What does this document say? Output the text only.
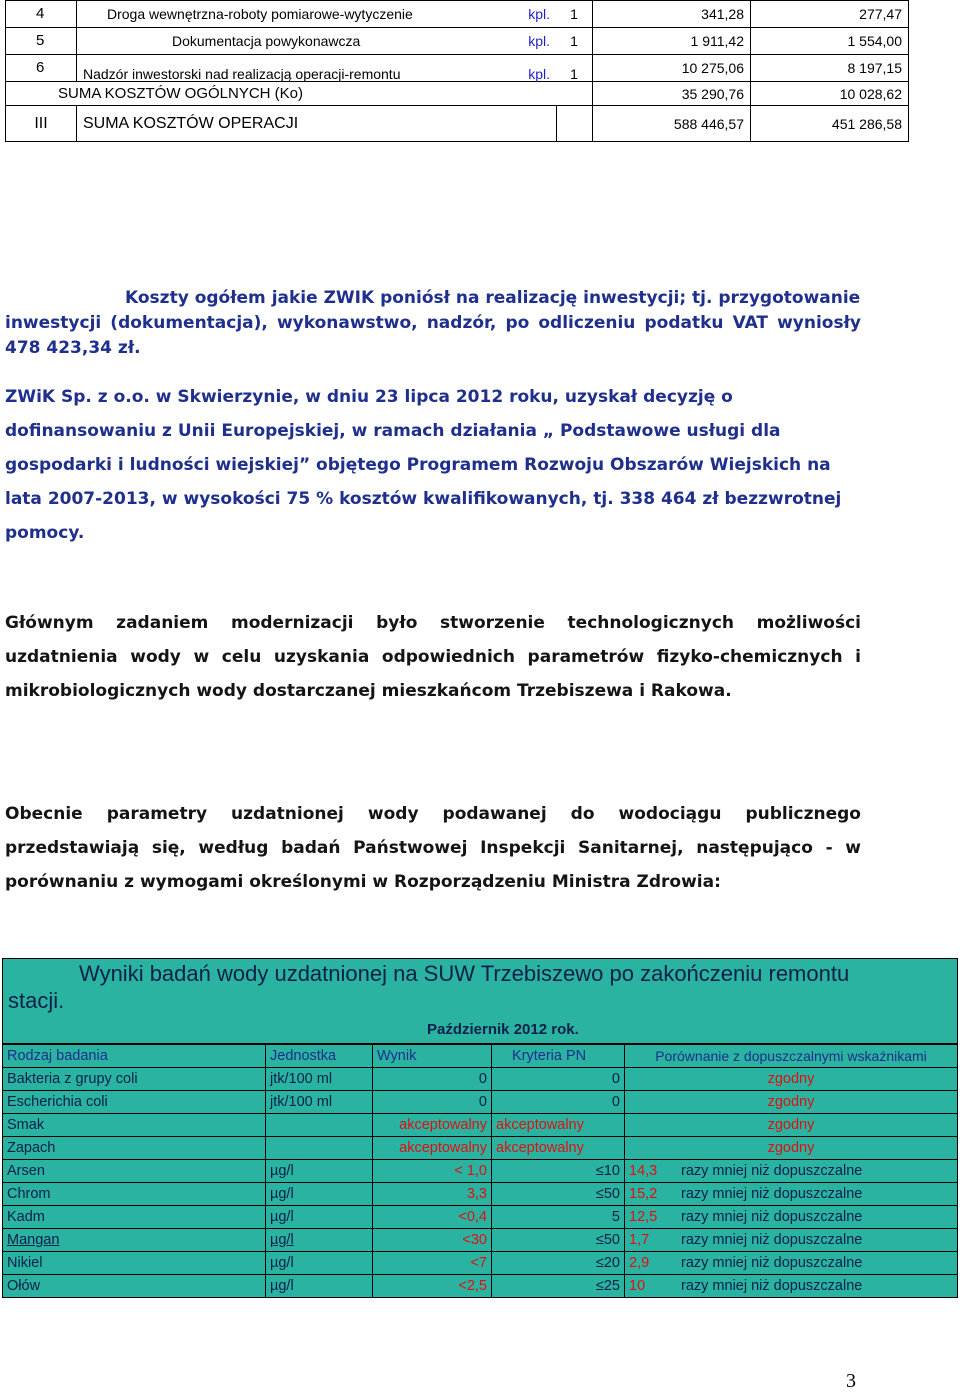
4	Droga wewnętrzna-roboty pomiarowe-wytyczenie	kpl.	1	341,28	277,47
5	Dokumentacja powykonawcza	kpl.	1	1 911,42	1 554,00
6	Nadzór inwestorski nad realizacją operacji-remontu	kpl.	1	10 275,06	8 197,15
SUMA KOSZTÓW OGÓLNYCH (Ko)				35 290,76	10 028,62
III	SUMA KOSZTÓW OPERACJI			588 446,57	451 286,58
Koszty ogółem jakie ZWIK poniósł na realizację inwestycji; tj. przygotowanie
inwestycji (dokumentacja), wykonawstwo, nadzór, po odliczeniu podatku VAT wyniosły
478 423,34 zł.
ZWiK Sp. z o.o. w Skwierzynie, w dniu 23 lipca 2012 roku, uzyskał decyzję o
dofinansowaniu z Unii Europejskiej, w ramach działania „ Podstawowe usługi dla
gospodarki i ludności wiejskiej” objętego Programem Rozwoju Obszarów Wiejskich na
lata 2007-2013, w wysokości 75 % kosztów kwalifikowanych, tj. 338 464 zł bezzwrotnej
pomocy.
Głównym zadaniem modernizacji było stworzenie technologicznych możliwości
uzdatnienia wody w celu uzyskania odpowiednich parametrów fizyko-chemicznych i
mikrobiologicznych wody dostarczanej mieszkańcom Trzebiszewa i Rakowa.
Obecnie parametry uzdatnionej wody podawanej do wodociągu publicznego
przedstawiają się, według badań Państwowej Inspekcji Sanitarnej, następująco - w
porównaniu z wymogami określonymi w Rozporządzeniu Ministra Zdrowia:
Wyniki badań wody uzdatnionej na SUW Trzebiszewo po zakończeniu remontu
stacji.
Październik 2012 rok.
Rodzaj badania	Jednostka	Wynik	Kryteria PN	Porównanie z dopuszczalnymi wskaźnikami
Bakteria z grupy coli	jtk/100 ml	0	0	zgodny
Escherichia coli	jtk/100 ml	0	0	zgodny
Smak		akceptowalny	akceptowalny	zgodny
Zapach		akceptowalny	akceptowalny	zgodny
Arsen	µg/l	< 1,0	≤10	14,3 razy mniej niż dopuszczalne
Chrom	µg/l	3,3	≤50	15,2 razy mniej niż dopuszczalne
Kadm	µg/l	<0,4	5	12,5 razy mniej niż dopuszczalne
Mangan	µg/l	<30	≤50	1,7 razy mniej niż dopuszczalne
Nikiel	µg/l	<7	≤20	2,9 razy mniej niż dopuszczalne
Ołów	µg/l	<2,5	≤25	10 razy mniej niż dopuszczalne
3
